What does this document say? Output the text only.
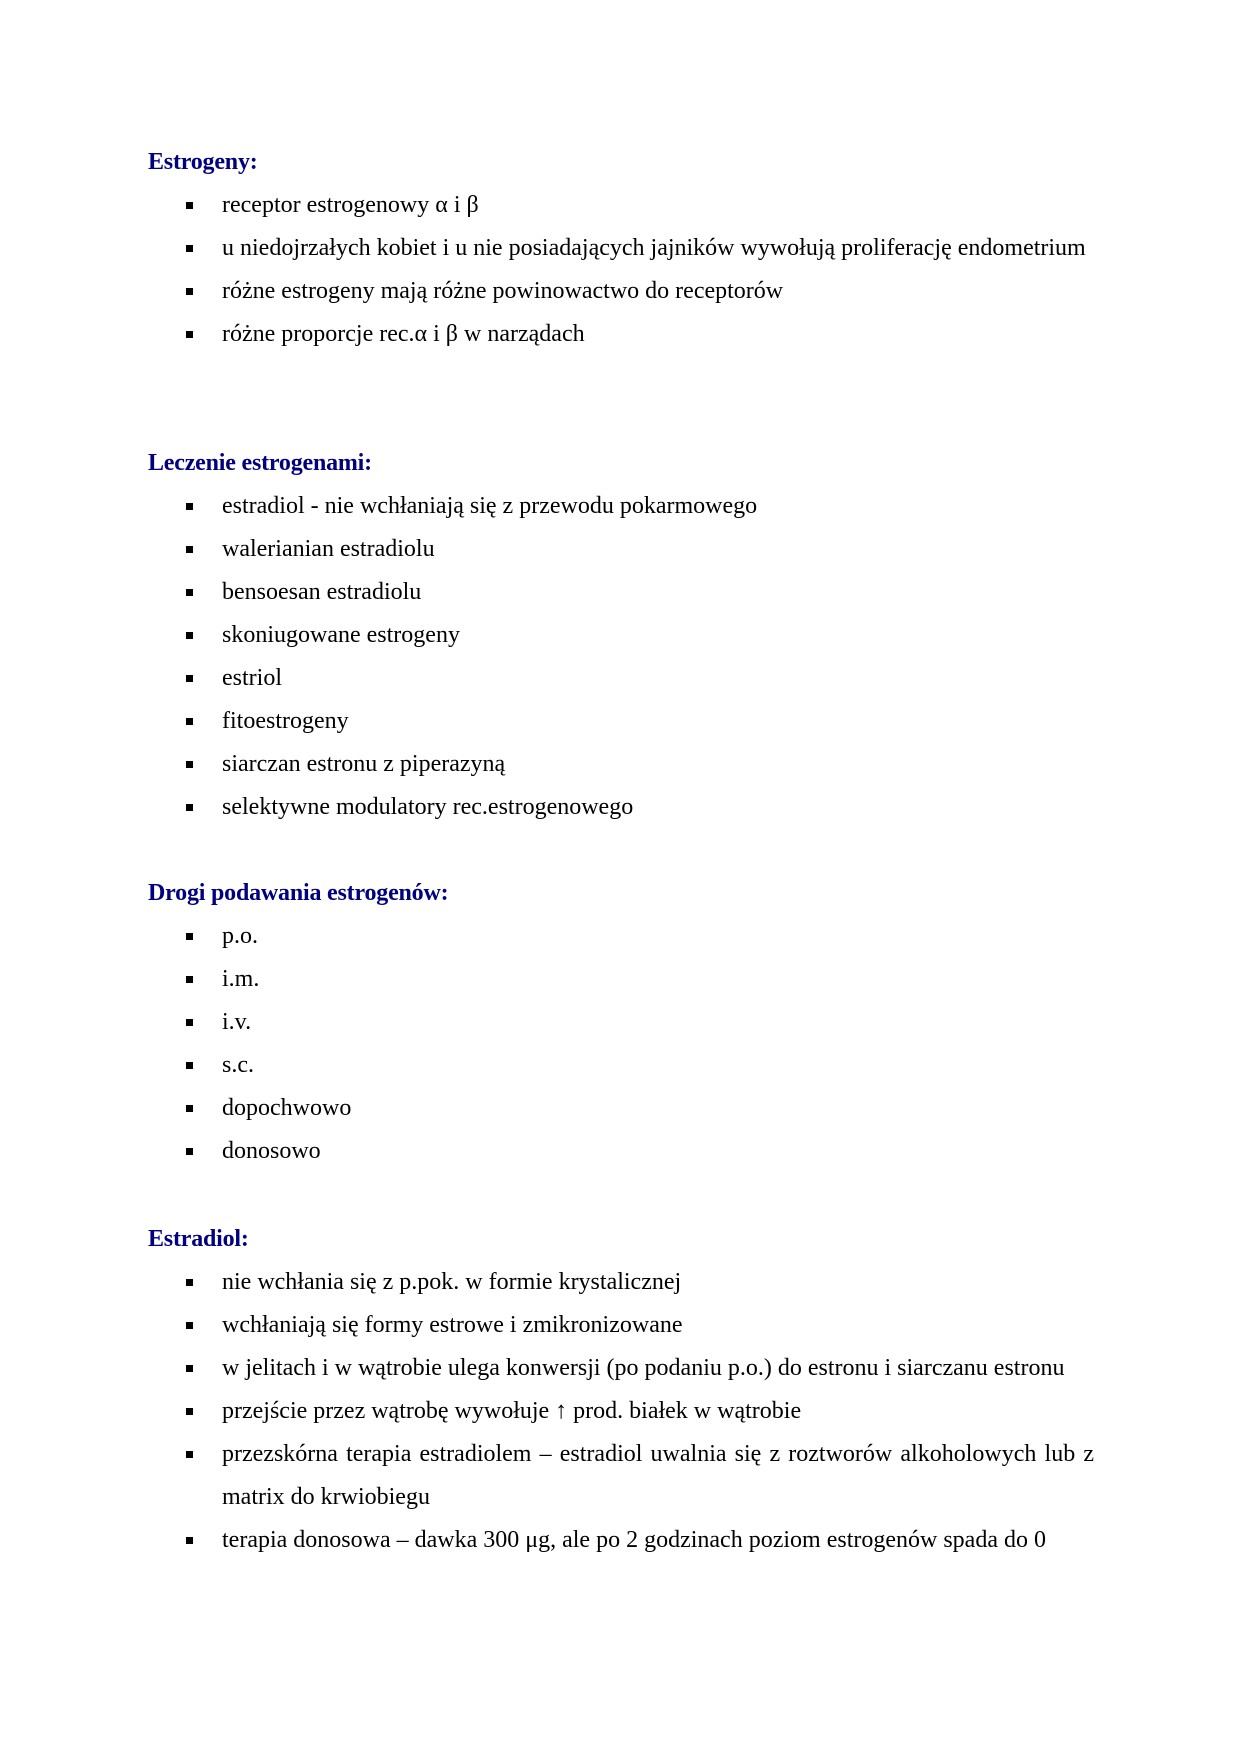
Estrogeny:
receptor estrogenowy α i β
u niedojrzałych kobiet i u nie posiadających jajników wywołują proliferację endometrium
różne estrogeny mają różne powinowactwo do receptorów
różne proporcje rec.α i β w narządach
Leczenie estrogenami:
estradiol - nie wchłaniają się z przewodu pokarmowego
walerianian estradiolu
bensoesan estradiolu
skoniugowane estrogeny
estriol
fitoestrogeny
siarczan estronu z piperazyną
selektywne modulatory rec.estrogenowego
Drogi podawania estrogenów:
p.o.
i.m.
i.v.
s.c.
dopochwowo
donosowo
Estradiol:
nie wchłania się z p.pok. w formie krystalicznej
wchłaniają się formy estrowe i zmikronizowane
w jelitach i w wątrobie ulega konwersji (po podaniu p.o.) do estronu i siarczanu estronu
przejście przez wątrobę wywołuje ↑ prod. białek w wątrobie
przezskórna terapia estradiolem – estradiol uwalnia się z roztworów alkoholowych lub z matrix do krwiobiegu
terapia donosowa – dawka 300 μg, ale po 2 godzinach poziom estrogenów spada do 0
